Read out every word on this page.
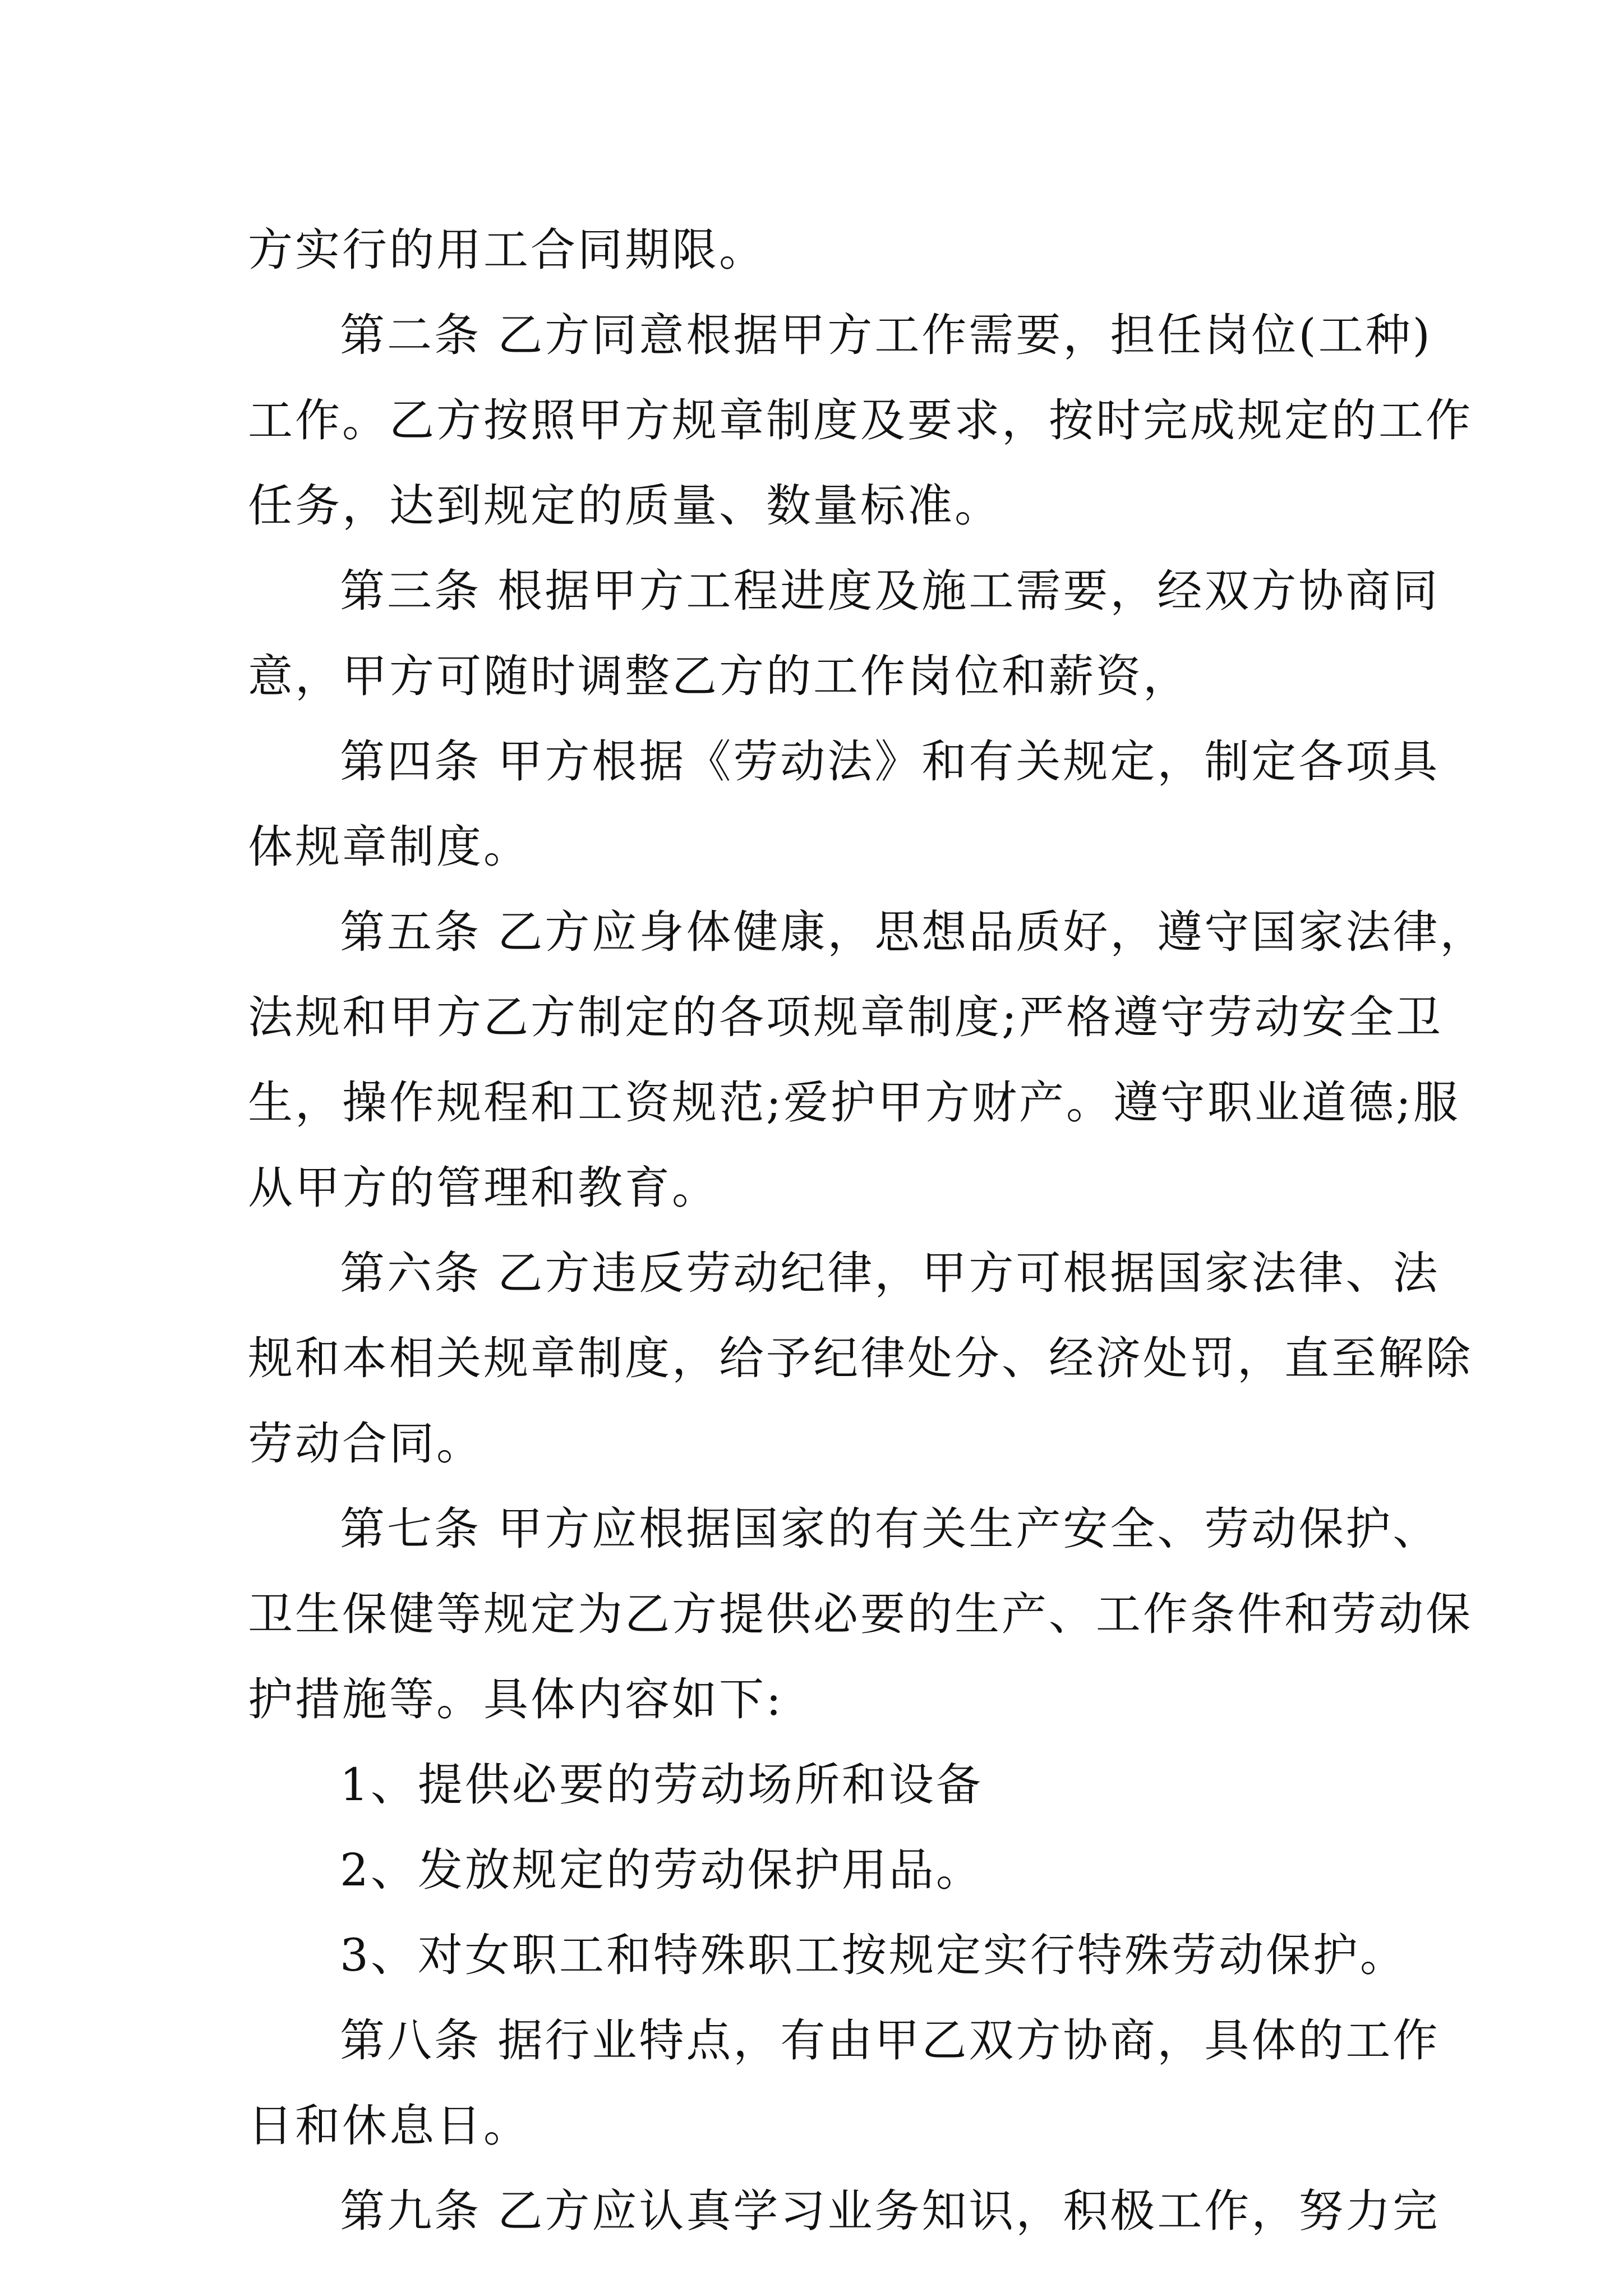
方实行的用工合同期限。
第二条 乙方同意根据甲方工作需要，担任岗位(工种)
工作。乙方按照甲方规章制度及要求，按时完成规定的工作
任务，达到规定的质量、数量标准。
第三条 根据甲方工程进度及施工需要，经双方协商同
意，甲方可随时调整乙方的工作岗位和薪资，
第四条 甲方根据《劳动法》和有关规定，制定各项具
体规章制度。
第五条 乙方应身体健康，思想品质好，遵守国家法律，
法规和甲方乙方制定的各项规章制度;严格遵守劳动安全卫
生，操作规程和工资规范;爱护甲方财产。遵守职业道德;服
从甲方的管理和教育。
第六条 乙方违反劳动纪律，甲方可根据国家法律、法
规和本相关规章制度，给予纪律处分、经济处罚，直至解除
劳动合同。
第七条 甲方应根据国家的有关生产安全、劳动保护、
卫生保健等规定为乙方提供必要的生产、工作条件和劳动保
护措施等。具体内容如下:
1、提供必要的劳动场所和设备
2、发放规定的劳动保护用品。
3、对女职工和特殊职工按规定实行特殊劳动保护。
第八条 据行业特点，有由甲乙双方协商，具体的工作
日和休息日。
第九条 乙方应认真学习业务知识，积极工作，努力完
